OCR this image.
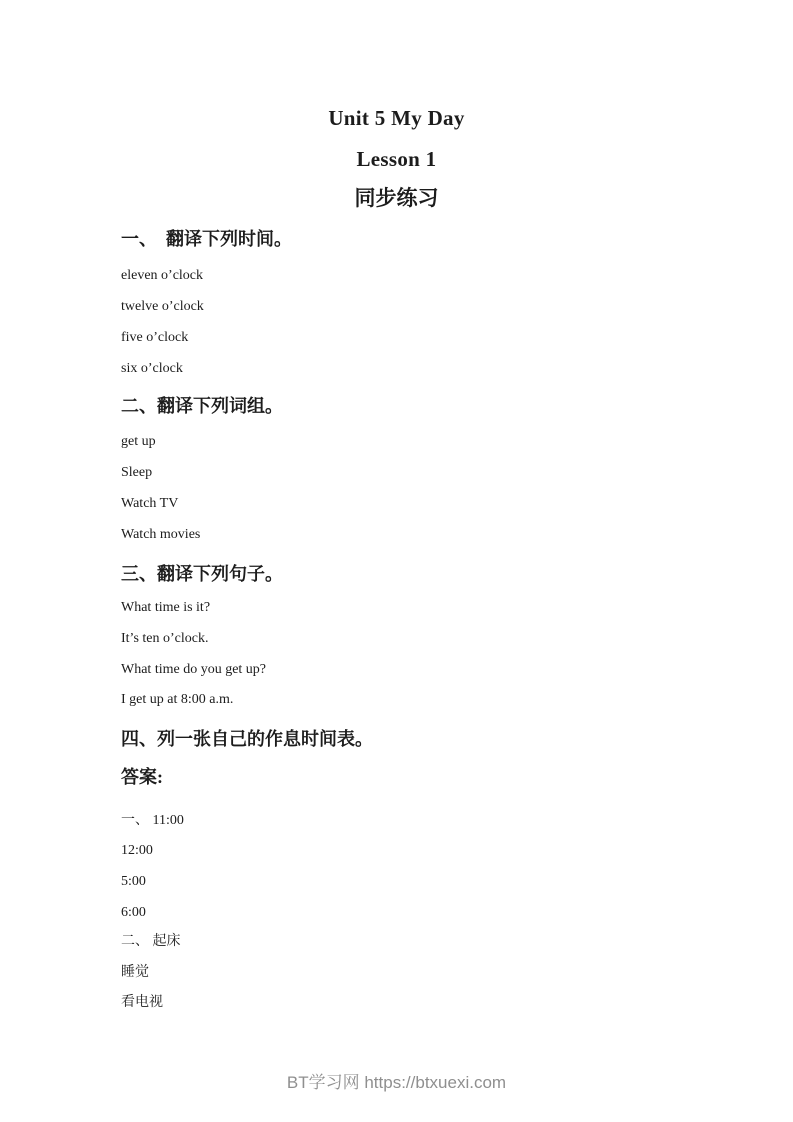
Unit 5 My Day
Lesson 1
同步练习
一、　翻译下列时间。
eleven o’clock
twelve o’clock
five o’clock
six o’clock
二、翻译下列词组。
get up
Sleep
Watch TV
Watch movies
三、翻译下列句子。
What time is it?
It’s ten o’clock.
What time do you get up?
I get up at 8:00 a.m.
四、列一张自己的作息时间表。
答案:
一、 11:00
12:00
5:00
6:00
二、 起床
睡觉
看电视
BT学习网 https://btxuexi.com
